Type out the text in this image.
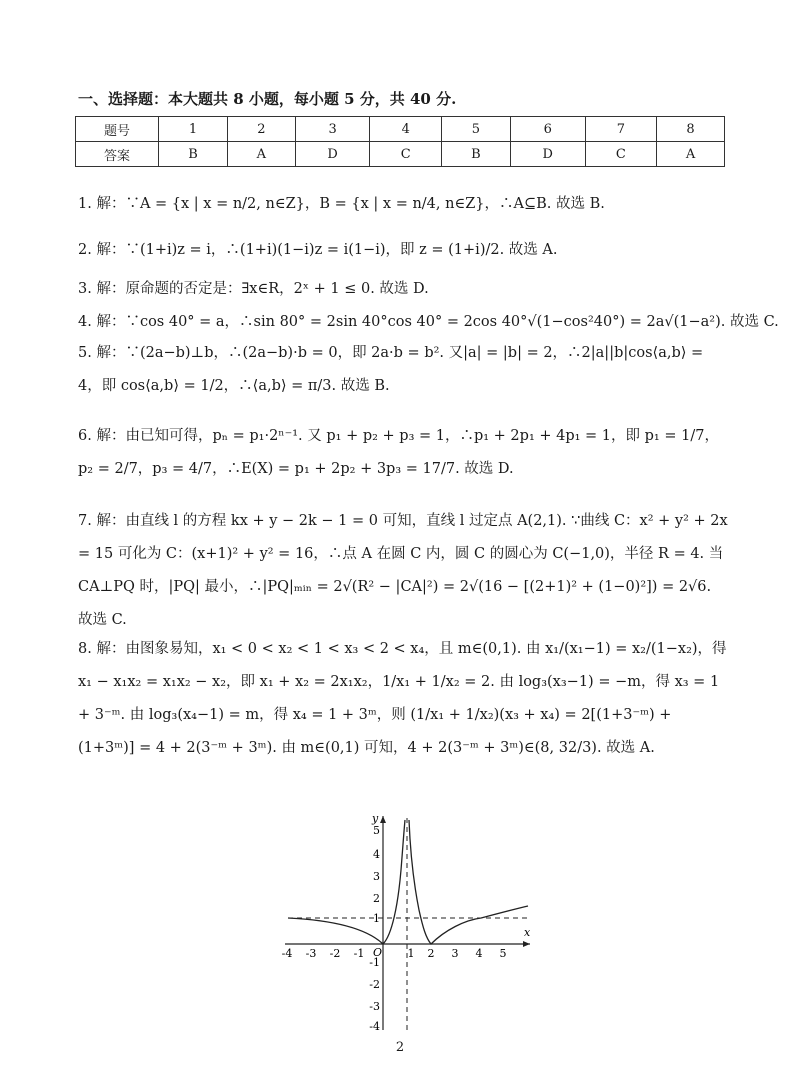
一、选择题：本大题共 8 小题，每小题 5 分，共 40 分.
题号	1	2	3	4	5	6	7	8
答案	B	A	D	C	B	D	C	A
1. 解：∵A = {x | x = n/2, n∈Z}，B = {x | x = n/4, n∈Z}，∴A⊆B. 故选 B.
2. 解：∵(1+i)z = i，∴(1+i)(1−i)z = i(1−i)，即 z = (1+i)/2. 故选 A.
3. 解：原命题的否定是：∃x∈R，2ˣ + 1 ≤ 0. 故选 D.
4. 解：∵cos 40° = a，∴sin 80° = 2sin 40°cos 40° = 2cos 40°√(1−cos²40°) = 2a√(1−a²). 故选 C.
5. 解：∵(2a−b)⊥b，∴(2a−b)·b = 0，即 2a·b = b². 又|a| = |b| = 2，∴2|a||b|cos⟨a,b⟩ = 4，即 cos⟨a,b⟩ = 1/2，∴⟨a,b⟩ = π/3. 故选 B.
6. 解：由已知可得，pₙ = p₁·2ⁿ⁻¹. 又 p₁ + p₂ + p₃ = 1，∴p₁ + 2p₁ + 4p₁ = 1，即 p₁ = 1/7，p₂ = 2/7，p₃ = 4/7，∴E(X) = p₁ + 2p₂ + 3p₃ = 17/7. 故选 D.
7. 解：由直线 l 的方程 kx + y − 2k − 1 = 0 可知，直线 l 过定点 A(2,1). ∵曲线 C：x² + y² + 2x = 15 可化为 C：(x+1)² + y² = 16，∴点 A 在圆 C 内，圆 C 的圆心为 C(−1,0)，半径 R = 4. 当 CA⊥PQ 时，|PQ| 最小，∴|PQ|ₘᵢₙ = 2√(R² − |CA|²) = 2√(16 − [(2+1)² + (1−0)²]) = 2√6. 故选 C.
8. 解：由图象易知，x₁ < 0 < x₂ < 1 < x₃ < 2 < x₄，且 m∈(0,1). 由 x₁/(x₁−1) = x₂/(1−x₂)，得 x₁ − x₁x₂ = x₁x₂ − x₂，即 x₁ + x₂ = 2x₁x₂，1/x₁ + 1/x₂ = 2. 由 log₃(x₃−1) = −m，得 x₃ = 1 + 3⁻ᵐ. 由 log₃(x₄−1) = m，得 x₄ = 1 + 3ᵐ，则 (1/x₁ + 1/x₂)(x₃ + x₄) = 2[(1+3⁻ᵐ) + (1+3ᵐ)] = 4 + 2(3⁻ᵐ + 3ᵐ). 由 m∈(0,1) 可知，4 + 2(3⁻ᵐ + 3ᵐ)∈(8, 32/3). 故选 A.
x
y
O
-4 -3 -2 -1	1 2 3 4 5
5
4
3
2
1
-1
-2
-3
-4
2
